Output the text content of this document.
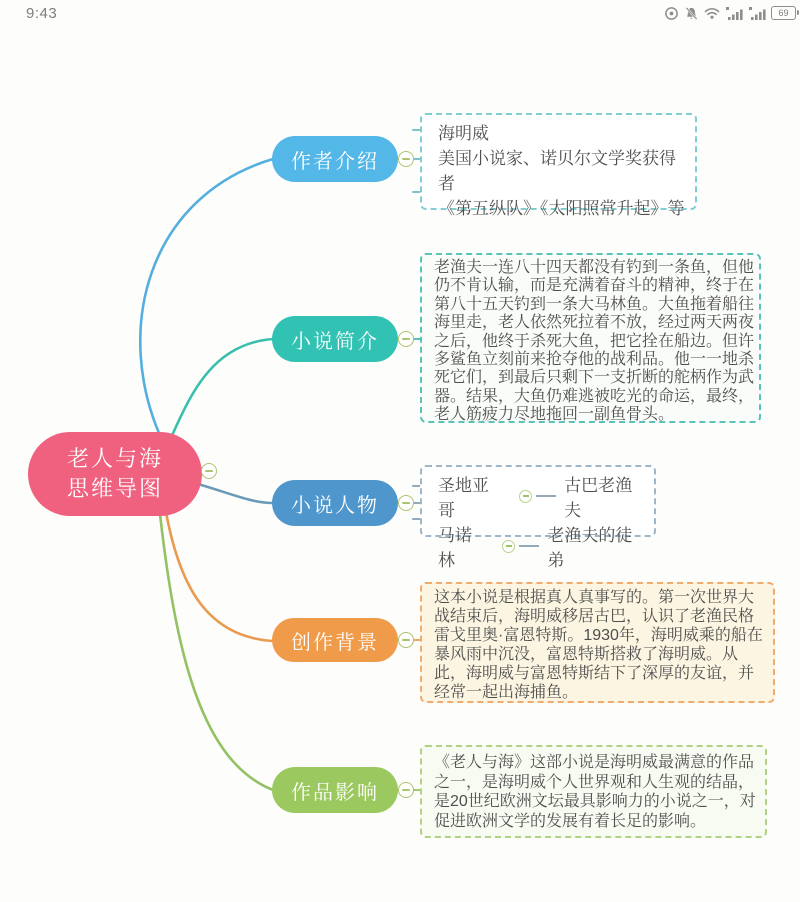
9:43	69
老人与海
思维导图
作者介绍
小说简介
小说人物
创作背景
作品影响
海明威
美国小说家、诺贝尔文学奖获得者
《第五纵队》《太阳照常升起》等
老渔夫一连八十四天都没有钓到一条鱼，但他仍不肯认输，而是充满着奋斗的精神，终于在第八十五天钓到一条大马林鱼。大鱼拖着船往海里走，老人依然死拉着不放，经过两天两夜之后，他终于杀死大鱼，把它拴在船边。但许多鲨鱼立刻前来抢夺他的战利品。他一一地杀死它们，到最后只剩下一支折断的舵柄作为武器。结果，大鱼仍难逃被吃光的命运，最终，老人筋疲力尽地拖回一副鱼骨头。
圣地亚哥
古巴老渔夫
马诺林
老渔夫的徒弟
这本小说是根据真人真事写的。第一次世界大战结束后，海明威移居古巴，认识了老渔民格雷戈里奥·富恩特斯。1930年，海明威乘的船在暴风雨中沉没，富恩特斯搭救了海明威。从此，海明威与富恩特斯结下了深厚的友谊，并经常一起出海捕鱼。
《老人与海》这部小说是海明威最满意的作品之一，是海明威个人世界观和人生观的结晶，是20世纪欧洲文坛最具影响力的小说之一，对促进欧洲文学的发展有着长足的影响。
